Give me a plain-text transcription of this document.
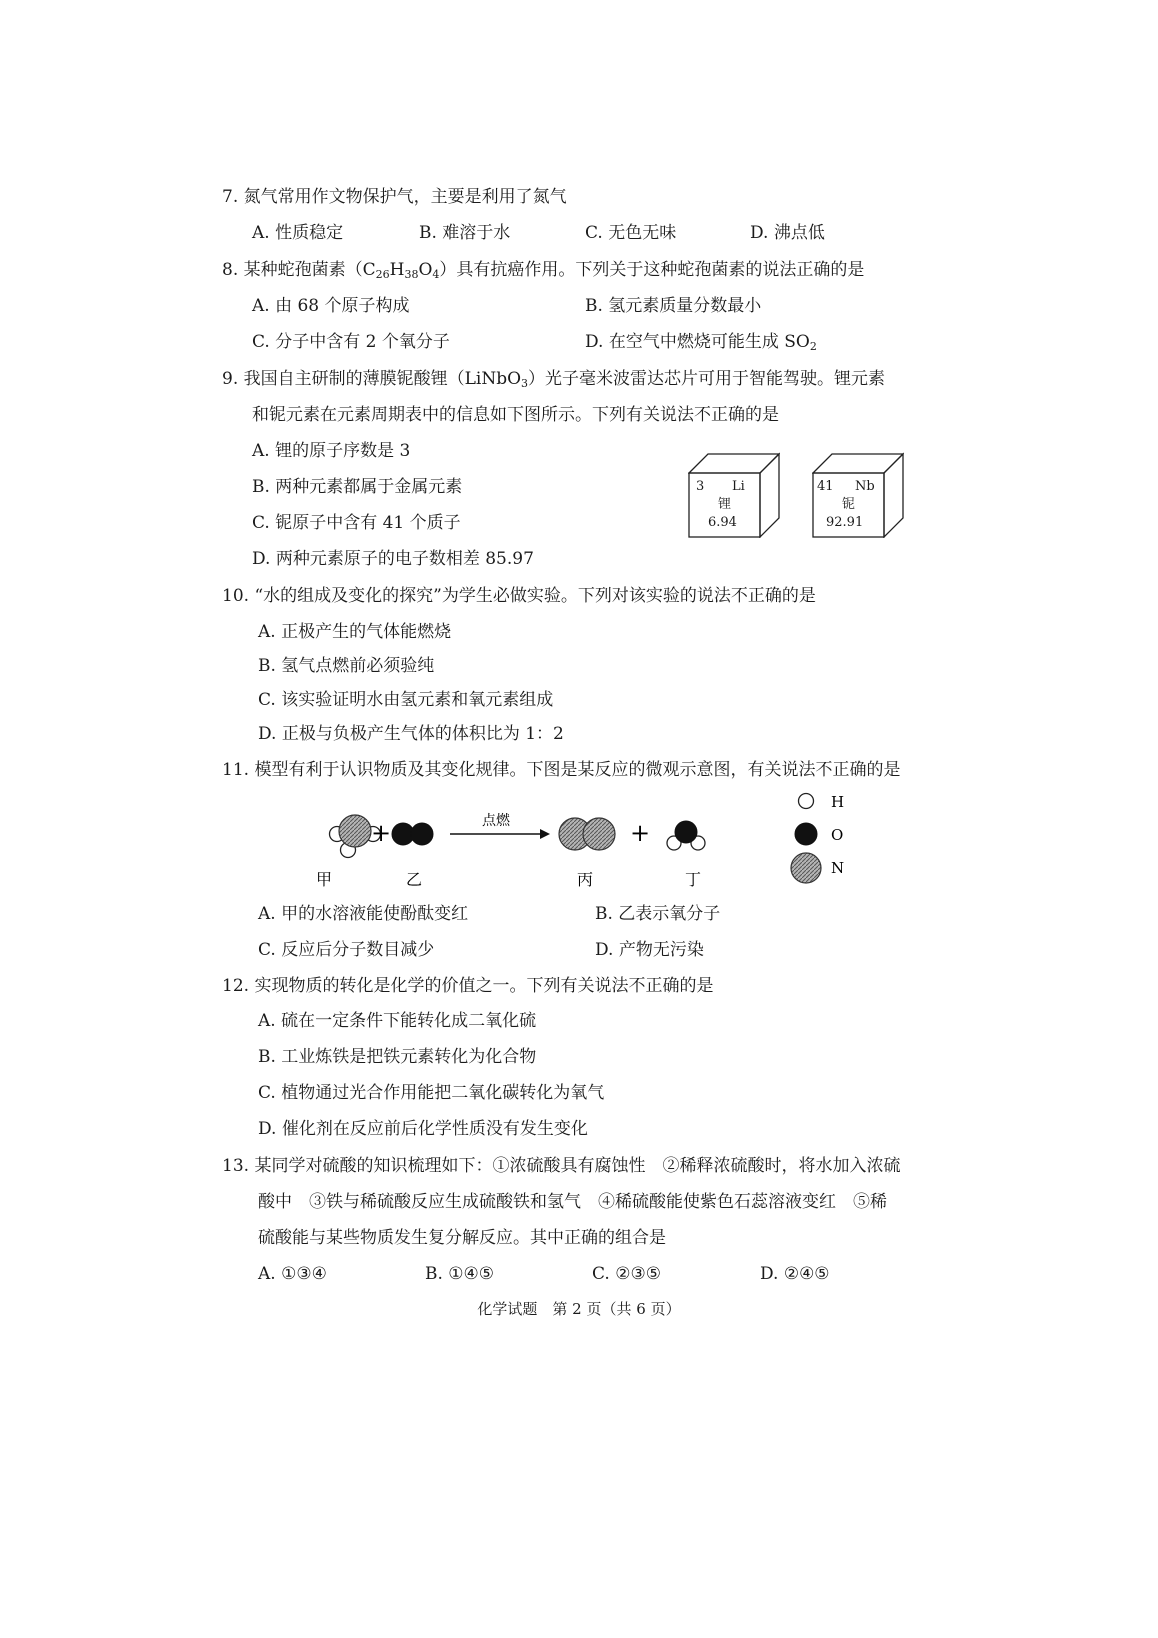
7. 氮气常用作文物保护气，主要是利用了氮气
A. 性质稳定	B. 难溶于水	C. 无色无味	D. 沸点低
8. 某种蛇孢菌素$(C_{26}H_{38}O_4)$具有抗癌作用。下列关于这种蛇孢菌素的说法正确的是
A. 由 68 个原子构成	B. 氢元素质量分数最小
C. 分子中含有 2 个氧分子	D. 在空气中燃烧可能生成 $SO_2$
9. 我国自主研制的薄膜铌酸锂（LiNbO$_3$）光子毫米波雷达芯片可用于智能驾驶。锂元素
和铌元素在元素周期表中的信息如下图所示。下列有关说法不正确的是
A. 锂的原子序数是 3
B. 两种元素都属于金属元素
C. 铌原子中含有 41 个质子
D. 两种元素原子的电子数相差 85.97
3 Li
锂
6.94
41 Nb
铌
92.91
10. “水的组成及变化的探究”为学生必做实验。下列对该实验的说法不正确的是
A. 正极产生的气体能燃烧
B. 氢气点燃前必须验纯
C. 该实验证明水由氢元素和氧元素组成
D. 正极与负极产生气体的体积比为 1：2
11. 模型有利于认识物质及其变化规律。下图是某反应的微观示意图，有关说法不正确的是
+	点燃	+
甲	乙	丙	丁
H
O
N
A. 甲的水溶液能使酚酞变红	B. 乙表示氧分子
C. 反应后分子数目减少	D. 产物无污染
12. 实现物质的转化是化学的价值之一。下列有关说法不正确的是
A. 硫在一定条件下能转化成二氧化硫
B. 工业炼铁是把铁元素转化为化合物
C. 植物通过光合作用能把二氧化碳转化为氧气
D. 催化剂在反应前后化学性质没有发生变化
13. 某同学对硫酸的知识梳理如下：①浓硫酸具有腐蚀性　②稀释浓硫酸时，将水加入浓硫
酸中　③铁与稀硫酸反应生成硫酸铁和氢气　④稀硫酸能使紫色石蕊溶液变红　⑤稀
硫酸能与某些物质发生复分解反应。其中正确的组合是
A. ①③④	B. ①④⑤	C. ②③⑤	D. ②④⑤
化学试题　第 2 页（共 6 页）
